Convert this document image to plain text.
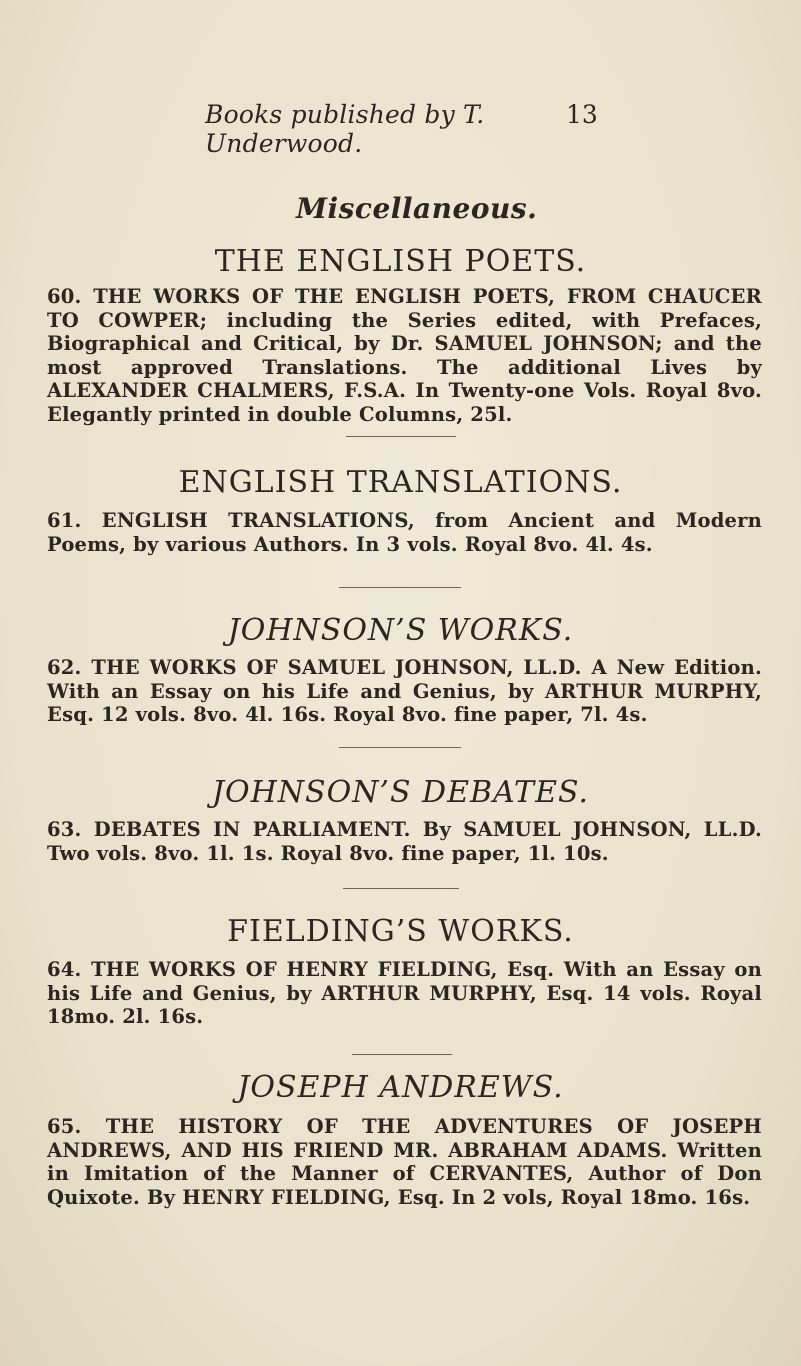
Books published by T. Underwood.
13
Miscellaneous.
THE ENGLISH POETS.
60. THE WORKS OF THE ENGLISH POETS, FROM CHAUCER TO COWPER; including the Series edited, with Prefaces, Biographical and Critical, by Dr. SAMUEL JOHNSON; and the most approved Translations. The additional Lives by ALEXANDER CHALMERS, F.S.A. In Twenty-one Vols. Royal 8vo. Elegantly printed in double Columns, 25l.
ENGLISH TRANSLATIONS.
61. ENGLISH TRANSLATIONS, from Ancient and Modern Poems, by various Authors. In 3 vols. Royal 8vo. 4l. 4s.
JOHNSON’S WORKS.
62. THE WORKS OF SAMUEL JOHNSON, LL.D. A New Edition. With an Essay on his Life and Genius, by ARTHUR MURPHY, Esq. 12 vols. 8vo. 4l. 16s. Royal 8vo. fine paper, 7l. 4s.
JOHNSON’S DEBATES.
63. DEBATES IN PARLIAMENT. By SAMUEL JOHNSON, LL.D. Two vols. 8vo. 1l. 1s. Royal 8vo. fine paper, 1l. 10s.
FIELDING’S WORKS.
64. THE WORKS OF HENRY FIELDING, Esq. With an Essay on his Life and Genius, by ARTHUR MURPHY, Esq. 14 vols. Royal 18mo. 2l. 16s.
JOSEPH ANDREWS.
65. THE HISTORY OF THE ADVENTURES OF JOSEPH ANDREWS, AND HIS FRIEND MR. ABRAHAM ADAMS. Written in Imitation of the Manner of CERVANTES, Author of Don Quixote. By HENRY FIELDING, Esq. In 2 vols, Royal 18mo. 16s.
